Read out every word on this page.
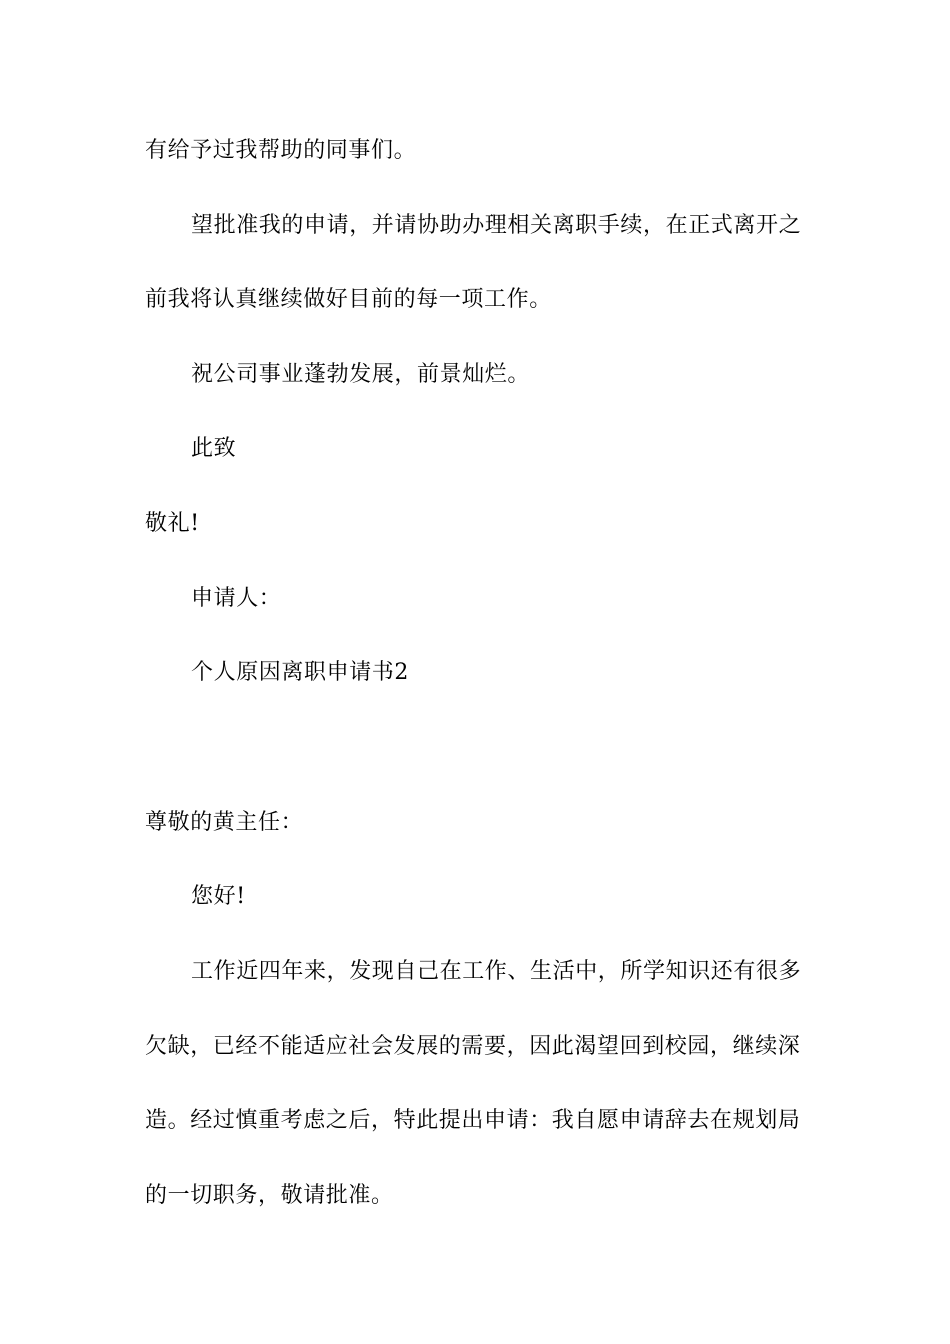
有给予过我帮助的同事们。
望批准我的申请，并请协助办理相关离职手续，在正式离开之
前我将认真继续做好目前的每一项工作。
祝公司事业蓬勃发展，前景灿烂。
此致
敬礼!
申请人：
个人原因离职申请书2
尊敬的黄主任：
您好!
工作近四年来，发现自己在工作、生活中，所学知识还有很多
欠缺，已经不能适应社会发展的需要，因此渴望回到校园，继续深
造。经过慎重考虑之后，特此提出申请：我自愿申请辞去在规划局
的一切职务，敬请批准。
